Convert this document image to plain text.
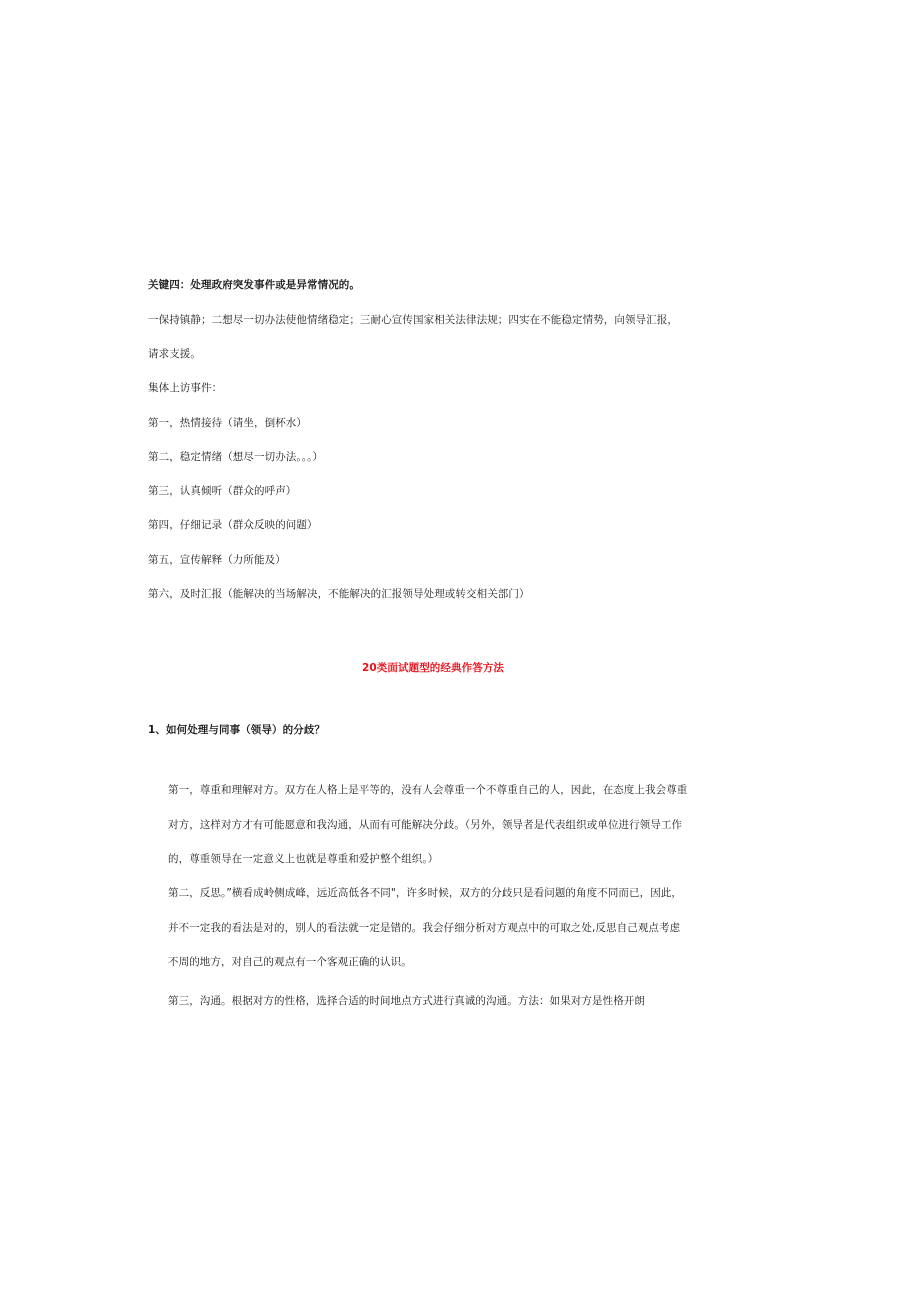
关键四：处理政府突发事件或是异常情况的。
一保持镇静；二想尽一切办法使他情绪稳定；三耐心宣传国家相关法律法规；四实在不能稳定情势，向领导汇报，
请求支援。
集体上访事件：
第一，热情接待（请坐，倒杯水）
第二，稳定情绪（想尽一切办法。。。）
第三，认真倾听（群众的呼声）
第四，仔细记录（群众反映的问题）
第五，宣传解释（力所能及）
第六，及时汇报（能解决的当场解决，不能解决的汇报领导处理或转交相关部门）
20类面试题型的经典作答方法
1、如何处理与同事（领导）的分歧？
第一，尊重和理解对方。双方在人格上是平等的，没有人会尊重一个不尊重自己的人，因此，在态度上我会尊重
对方，这样对方才有可能愿意和我沟通，从而有可能解决分歧。（另外，领导者是代表组织或单位进行领导工作
的，尊重领导在一定意义上也就是尊重和爱护整个组织。）
第二，反思。”横看成岭侧成峰，远近高低各不同"，许多时候，双方的分歧只是看问题的角度不同而已，因此，
并不一定我的看法是对的，别人的看法就一定是错的。我会仔细分析对方观点中的可取之处,反思自己观点考虑
不周的地方，对自己的观点有一个客观正确的认识。
第三，沟通。根据对方的性格，选择合适的时间地点方式进行真诚的沟通。方法：如果对方是性格开朗
